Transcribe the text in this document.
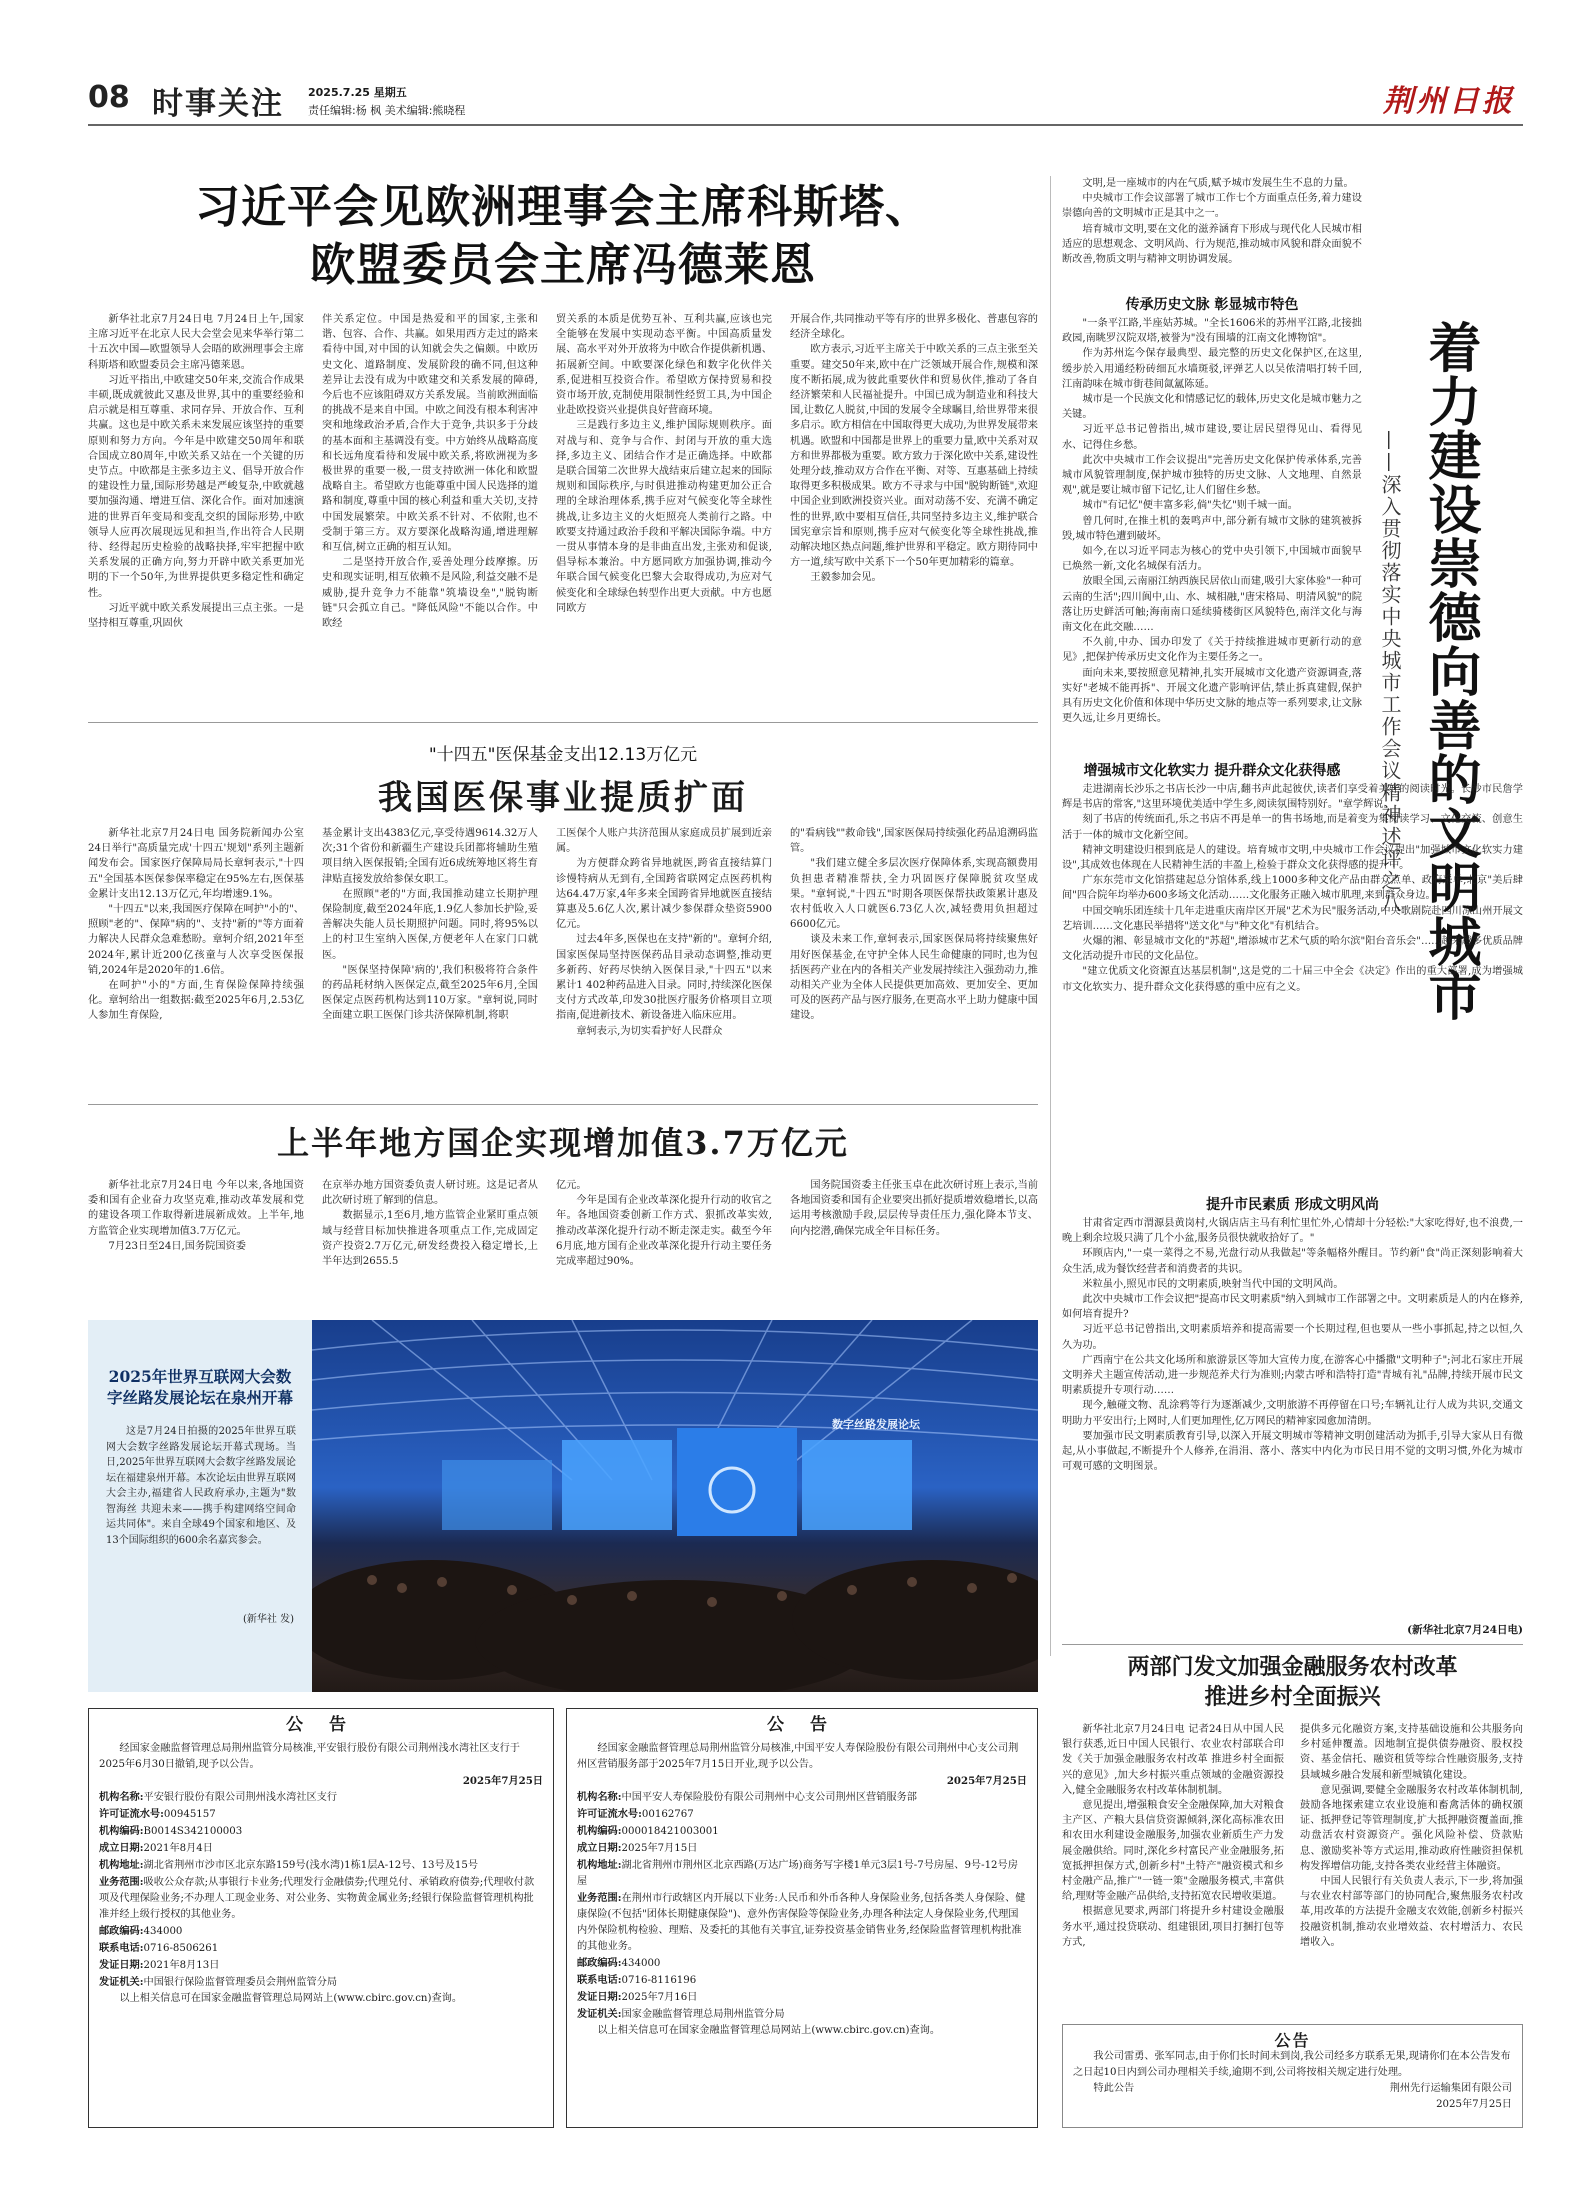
08 时事关注 2025.7.25 星期五
责任编辑:杨 枫 美术编辑:熊晓程	荆州日报
习近平会见欧洲理事会主席科斯塔、
欧盟委员会主席冯德莱恩

新华社北京7月24日电 7月24日上午,国家主席习近平在北京人民大会堂会见来华举行第二十五次中国—欧盟领导人会晤的欧洲理事会主席科斯塔和欧盟委员会主席冯德莱恩。

习近平指出,中欧建交50年来,交流合作成果丰硕,既成就彼此又惠及世界,其中的重要经验和启示就是相互尊重、求同存异、开放合作、互利共赢。这也是中欧关系未来发展应该坚持的重要原则和努力方向。今年是中欧建交50周年和联合国成立80周年,中欧关系又站在一个关键的历史节点。中欧都是主张多边主义、倡导开放合作的建设性力量,国际形势越是严峻复杂,中欧就越要加强沟通、增进互信、深化合作。面对加速演进的世界百年变局和变乱交织的国际形势,中欧领导人应再次展现远见和担当,作出符合人民期待、经得起历史检验的战略抉择,牢牢把握中欧关系发展的正确方向,努力开辟中欧关系更加光明的下一个50年,为世界提供更多稳定性和确定性。

习近平就中欧关系发展提出三点主张。一是坚持相互尊重,巩固伙

伴关系定位。中国是热爱和平的国家,主张和谐、包容、合作、共赢。如果用西方走过的路来看待中国,对中国的认知就会失之偏颇。中欧历史文化、道路制度、发展阶段的确不同,但这种差异让去没有成为中欧建交和关系发展的障碍,今后也不应该阻碍双方关系发展。当前欧洲面临的挑战不是来自中国。中欧之间没有根本利害冲突和地缘政治矛盾,合作大于竞争,共识多于分歧的基本面和主基调没有变。中方始终从战略高度和长远角度看待和发展中欧关系,将欧洲视为多极世界的重要一极,一贯支持欧洲一体化和欧盟战略自主。希望欧方也能尊重中国人民选择的道路和制度,尊重中国的核心利益和重大关切,支持中国发展繁荣。中欧关系不针对、不依附,也不受制于第三方。双方要深化战略沟通,增进理解和互信,树立正确的相互认知。

二是坚持开放合作,妥善处理分歧摩擦。历史和现实证明,相互依赖不是风险,利益交融不是威胁,提升竞争力不能靠"筑墙设垒","脱钩断链"只会孤立自己。"降低风险"不能以合作。中欧经

贸关系的本质是优势互补、互利共赢,应该也完全能够在发展中实现动态平衡。中国高质量发展、高水平对外开放将为中欧合作提供新机遇、拓展新空间。中欧要深化绿色和数字化伙伴关系,促进相互投资合作。希望欧方保持贸易和投资市场开放,克制使用限制性经贸工具,为中国企业赴欧投资兴业提供良好营商环境。

三是践行多边主义,维护国际规则秩序。面对战与和、竞争与合作、封闭与开放的重大选择,多边主义、团结合作才是正确选择。中欧都是联合国第二次世界大战结束后建立起来的国际规则和国际秩序,与时俱进推动构建更加公正合理的全球治理体系,携手应对气候变化等全球性挑战,让多边主义的火炬照亮人类前行之路。中欧要支持通过政治手段和平解决国际争端。中方一贯从事情本身的是非曲直出发,主张劝和促谈,倡导标本兼治。中方愿同欧方加强协调,推动今年联合国气候变化巴黎大会取得成功,为应对气候变化和全球绿色转型作出更大贡献。中方也愿同欧方

开展合作,共同推动平等有序的世界多极化、普惠包容的经济全球化。

欧方表示,习近平主席关于中欧关系的三点主张至关重要。建交50年来,欧中在广泛领域开展合作,规模和深度不断拓展,成为彼此重要伙伴和贸易伙伴,推动了各自经济繁荣和人民福祉提升。中国已成为制造业和科技大国,让数亿人脱贫,中国的发展令全球瞩目,给世界带来很多启示。欧方相信在中国取得更大成功,为世界发展带来机遇。欧盟和中国都是世界上的重要力量,欧中关系对双方和世界都极为重要。欧方致力于深化欧中关系,建设性处理分歧,推动双方合作在平衡、对等、互惠基础上持续取得更多积极成果。欧方不寻求与中国"脱钩断链",欢迎中国企业到欧洲投资兴业。面对动荡不安、充满不确定性的世界,欧中要相互信任,共同坚持多边主义,维护联合国宪章宗旨和原则,携手应对气候变化等全球性挑战,推动解决地区热点问题,维护世界和平稳定。欧方期待同中方一道,续写欧中关系下一个50年更加精彩的篇章。

王毅参加会见。

"十四五"医保基金支出12.13万亿元
我国医保事业提质扩面

新华社北京7月24日电 国务院新闻办公室24日举行"高质量完成'十四五'规划"系列主题新闻发布会。国家医疗保障局局长章轲表示,"十四五"全国基本医保参保率稳定在95%左右,医保基金累计支出12.13万亿元,年均增速9.1%。

"十四五"以来,我国医疗保障在呵护"小的"、照顾"老的"、保障"病的"、支持"新的"等方面着力解决人民群众急难愁盼。章轲介绍,2021年至2024年,累计近200亿孩童与人次享受医保报销,2024年是2020年的1.6倍。

在呵护"小的"方面,生育保险保障持续强化。章轲给出一组数据:截至2025年6月,2.53亿人参加生育保险,

基金累计支出4383亿元,享受待遇9614.32万人次;31个省份和新疆生产建设兵团都将辅助生殖项目纳入医保报销;全国有近6成统筹地区将生育津贴直接发放给参保女职工。

在照顾"老的"方面,我国推动建立长期护理保险制度,截至2024年底,1.9亿人参加长护险,妥善解决失能人员长期照护问题。同时,将95%以上的村卫生室纳入医保,方便老年人在家门口就医。

"医保坚持保障'病的',我们积极将符合条件的药品耗材纳入医保定点,截至2025年6月,全国医保定点医药机构达到110万家。"章轲说,同时全面建立职工医保门诊共济保障机制,将职

工医保个人账户共济范围从家庭成员扩展到近亲属。

为方便群众跨省异地就医,跨省直接结算门诊慢特病从无到有,全国跨省联网定点医药机构达64.47万家,4年多来全国跨省异地就医直接结算惠及5.6亿人次,累计减少参保群众垫资5900亿元。

过去4年多,医保也在支持"新的"。章轲介绍,国家医保局坚持医保药品目录动态调整,推动更多新药、好药尽快纳入医保目录,"十四五"以来累计1 402种药品进入目录。同时,持续深化医保支付方式改革,印发30批医疗服务价格项目立项指南,促进新技术、新设备进入临床应用。

章轲表示,为切实看护好人民群众

的"看病钱""救命钱",国家医保局持续强化药品追溯码监管。

"我们建立健全多层次医疗保障体系,实现高额费用负担患者精准帮扶,全力巩固医疗保障脱贫攻坚成果。"章轲说,"十四五"时期各项医保帮扶政策累计惠及农村低收入人口就医6.73亿人次,减轻费用负担超过6600亿元。

谈及未来工作,章轲表示,国家医保局将持续聚焦好用好医保基金,在守护全体人民生命健康的同时,也为包括医药产业在内的各相关产业发展持续注入强劲动力,推动相关产业为全体人民提供更加高效、更加安全、更加可及的医药产品与医疗服务,在更高水平上助力健康中国建设。

上半年地方国企实现增加值3.7万亿元

新华社北京7月24日电 今年以来,各地国资委和国有企业奋力攻坚克难,推动改革发展和党的建设各项工作取得新进展新成效。上半年,地方监管企业实现增加值3.7万亿元。

7月23日至24日,国务院国资委

在京举办地方国资委负责人研讨班。这是记者从此次研讨班了解到的信息。

数据显示,1至6月,地方监管企业紧盯重点领域与经营目标加快推进各项重点工作,完成固定资产投资2.7万亿元,研发经费投入稳定增长,上半年达到2655.5

亿元。

今年是国有企业改革深化提升行动的收官之年。各地国资委创新工作方式、狠抓改革实效,推动改革深化提升行动不断走深走实。截至今年6月底,地方国有企业改革深化提升行动主要任务完成率超过90%。

国务院国资委主任张玉卓在此次研讨班上表示,当前各地国资委和国有企业要突出抓好提质增效稳增长,以高运用考核激励手段,层层传导责任压力,强化降本节支、向内挖潜,确保完成全年目标任务。

2025年世界互联网大会数字丝路发展论坛在泉州开幕
这是7月24日拍摄的2025年世界互联网大会数字丝路发展论坛开幕式现场。当日,2025年世界互联网大会数字丝路发展论坛在福建泉州开幕。本次论坛由世界互联网大会主办,福建省人民政府承办,主题为"数智海丝 共迎未来——携手构建网络空间命运共同体"。来自全球49个国家和地区、及13个国际组织的600余名嘉宾参会。
(新华社 发)
数字丝路发展论坛

文明,是一座城市的内在气质,赋予城市发展生生不息的力量。

中央城市工作会议部署了城市工作七个方面重点任务,着力建设崇德向善的文明城市正是其中之一。

培育城市文明,要在文化的滋养涵育下形成与现代化人民城市相适应的思想观念、文明风尚、行为规范,推动城市风貌和群众面貌不断改善,物质文明与精神文明协调发展。

传承历史文脉 彰显城市特色

"一条平江路,半座姑苏城。"全长1606米的苏州平江路,北接拙政园,南眺罗汉院双塔,被誉为"没有围墙的江南文化博物馆"。

作为苏州迄今保存最典型、最完整的历史文化保护区,在这里,缓步於入用通经粉砖细瓦水墙斑驳,评弹艺人以吴侬清唱打转千回,江南韵味在城市街巷间氤氲陈延。

城市是一个民族文化和情感记忆的载体,历史文化是城市魅力之关键。

习近平总书记曾指出,城市建设,要让居民望得见山、看得见水、记得住乡愁。

此次中央城市工作会议提出"完善历史文化保护传承体系,完善城市风貌管理制度,保护城市独特的历史文脉、人文地理、自然景观",就是要让城市留下记忆,让人们留住乡愁。

城市"有记忆"便丰富多彩,倘"失忆"则千城一面。

曾几何时,在推土机的轰鸣声中,部分新有城市文脉的建筑被拆毁,城市特色遭到破坏。

如今,在以习近平同志为核心的党中央引领下,中国城市面貌早已焕然一新,文化名城保有活力。

放眼全国,云南丽江纳西族民居依山而建,吸引大家体验"一种可云南的生活";四川阆中,山、水、城相融,"唐宋格局、明清风貌"的院落让历史鲜活可触;海南南口延续骑楼街区风貌特色,南洋文化与海南文化在此交融……

不久前,中办、国办印发了《关于持续推进城市更新行动的意见》,把保护传承历史文化作为主要任务之一。

面向未来,要按照意见精神,扎实开展城市文化遗产资源调查,落实好"老城不能再拆"、开展文化遗产影响评估,禁止拆真建假,保护具有历史文化价值和体现中华历史文脉的地点等一系列要求,让文脉更久远,让乡月更绵长。	着力建设崇德向善的文明城市
——深入贯彻落实中央城市工作会议精神述评之八
增强城市文化软实力 提升群众文化获得感

走进湖南长沙乐之书店长沙一中店,翻书声此起彼伏,读者们享受着美好的阅读时光。长沙市民詹学辉是书店的常客,"这里环境优美适中学生多,阅读氛围特别好。"章学辉说。

刻了书店的传统面孔,乐之书店不再是单一的售书场地,而是着变为集阅读学习、文化交流、创意生活于一体的城市文化新空间。

精神文明建设归根到底是人的建设。培育城市文明,中央城市工作会议提出"加强城市文化软实力建设",其成效也体现在人民精神生活的丰盈上,检验于群众文化获得感的提升中。

广东东莞市文化馆搭建起总分馆体系,线上1000多种文化产品由群众点单、政府采单;北京"美后肆间"四合院年均举办600多场文化活动……文化服务正融入城市肌理,来到群众身边。

中国交响乐团连续十几年走进重庆南岸区开展"艺术为民"服务活动,中央歌剧院赴四川凉山州开展文艺培训……文化惠民举措将"送文化"与"种文化"有机结合。

火爆的湘、彰显城市文化的"苏超",增添城市艺术气质的哈尔滨"阳台音乐会"……越来越多优质品牌文化活动提升市民的文化品位。

"建立优质文化资源直达基层机制",这是党的二十届三中全会《决定》作出的重大部署,成为增强城市文化软实力、提升群众文化获得感的重中应有之义。

提升市民素质 形成文明风尚

甘肃省定西市渭源县黄岗村,火锅店店主马有利忙里忙外,心情却十分轻松:"大家吃得好,也不浪费,一晚上剩余垃圾只满了几个小盆,服务员很快就收拾好了。"

环顾店内,"一桌一菜得之不易,光盘行动从我做起"等条幅格外醒目。节约新"食"尚正深刻影响着大众生活,成为餐饮经营者和消费者的共识。

米粒虽小,照见市民的文明素质,映射当代中国的文明风尚。

此次中央城市工作会议把"提高市民文明素质"纳入到城市工作部署之中。文明素质是人的内在修养,如何培育提升?

习近平总书记曾指出,文明素质培养和提高需要一个长期过程,但也要从一些小事抓起,持之以恒,久久为功。

广西南宁在公共文化场所和旅游景区等加大宣传力度,在游客心中播撒"文明种子";河北石家庄开展文明养犬主题宣传活动,进一步规范养犬行为准则;内蒙古呼和浩特打造"青城有礼"品牌,持续开展市民文明素质提升专项行动……

现今,触碰文物、乱涂鸦等行为逐渐减少,文明旅游不再停留在口号;车辆礼让行人成为共识,交通文明助力平安出行;上网时,人们更加理性,亿万网民的精神家园愈加清朗。

要加强市民文明素质教育引导,以深入开展文明城市等精神文明创建活动为抓手,引导大家从日有微起,从小事做起,不断提升个人修养,在涓涓、落小、落实中内化为市民日用不觉的文明习惯,外化为城市可观可感的文明图景。

(新华社北京7月24日电)
两部门发文加强金融服务农村改革
推进乡村全面振兴

新华社北京7月24日电 记者24日从中国人民银行获悉,近日中国人民银行、农业农村部联合印发《关于加强金融服务农村改革 推进乡村全面振兴的意见》,加大乡村振兴重点领域的金融资源投入,健全金融服务农村改革体制机制。

意见提出,增强粮食安全金融保障,加大对粮食主产区、产粮大县信贷资源倾斜,深化高标准农田和农田水利建设金融服务,加强农业新质生产力发展金融供给。同时,深化乡村富民产业金融服务,拓宽抵押担保方式,创新乡村"土特产"融资模式和乡村金融产品,推广"一链一策"金融服务模式,丰富供给,理财等金融产品供给,支持拓宽农民增收渠道。

根据意见要求,两部门将提升乡村建设金融服务水平,通过投贷联动、组建银团,项目打捆打包等方式,

提供多元化融资方案,支持基础设施和公共服务向乡村延伸覆盖。因地制宜提供债券融资、股权投资、基金信托、融资租赁等综合性融资服务,支持县域城乡融合发展和新型城镇化建设。

意见强调,要健全金融服务农村改革体制机制,鼓励各地探索建立农业设施和畜禽活体的确权颁证、抵押登记等管理制度,扩大抵押融资覆盖面,推动盘活农村资源资产。强化风险补偿、贷款贴息、激励奖补等方式运用,推动政府性融资担保机构发挥增信功能,支持各类农业经营主体融资。

中国人民银行有关负责人表示,下一步,将加强与农业农村部等部门的协同配合,聚焦服务农村改革,用改革的方法提升金融支农效能,创新乡村振兴投融资机制,推动农业增效益、农村增活力、农民增收入。

公 告
经国家金融监督管理总局荆州监管分局核准,平安银行股份有限公司荆州浅水湾社区支行于2025年6月30日撤销,现予以公告。
2025年7月25日
机构名称:平安银行股份有限公司荆州浅水湾社区支行
许可证流水号:00945157
机构编码:B0014S342100003
成立日期:2021年8月4日
机构地址:湖北省荆州市沙市区北京东路159号(浅水湾)1栋1层A-12号、13号及15号
业务范围:吸收公众存款;从事银行卡业务;代理发行金融债券;代理兑付、承销政府债券;代理收付款项及代理保险业务;不办理人工现金业务、对公业务、实物黄金属业务;经银行保险监督管理机构批准并经上级行授权的其他业务。
邮政编码:434000
联系电话:0716-8506261
发证日期:2021年8月13日
发证机关:中国银行保险监督管理委员会荆州监管分局
以上相关信息可在国家金融监督管理总局网站上(www.cbirc.gov.cn)查询。
公 告
经国家金融监督管理总局荆州监管分局核准,中国平安人寿保险股份有限公司荆州中心支公司荆州区营销服务部于2025年7月15日开业,现予以公告。
2025年7月25日
机构名称:中国平安人寿保险股份有限公司荆州中心支公司荆州区营销服务部
许可证流水号:00162767
机构编码:000018421003001
成立日期:2025年7月15日
机构地址:湖北省荆州市荆州区北京西路(万达广场)商务写字楼1单元3层1号-7号房屋、9号-12号房屋
业务范围:在荆州市行政辖区内开展以下业务:人民币和外币各种人身保险业务,包括各类人身保险、健康保险(不包括"团体长期健康保险")、意外伤害保险等保险业务,办理各种法定人身保险业务,代理国内外保险机构检验、理赔、及委托的其他有关事宜,证券投资基金销售业务,经保险监督管理机构批准的其他业务。
邮政编码:434000
联系电话:0716-8116196
发证日期:2025年7月16日
发证机关:国家金融监督管理总局荆州监管分局
以上相关信息可在国家金融监督管理总局网站上(www.cbirc.gov.cn)查询。
公告
我公司雷勇、张军同志,由于你们长时间未到岗,我公司经多方联系无果,现请你们在本公告发布之日起10日内到公司办理相关手续,逾期不到,公司将按相关规定进行处理。
特此公告	荆州先行运输集团有限公司
2025年7月25日
